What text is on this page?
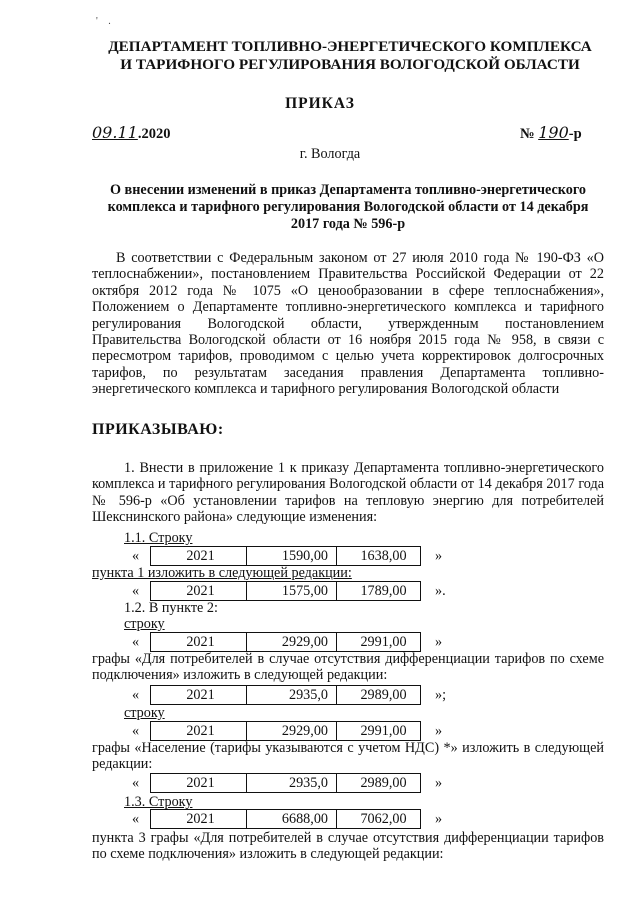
' .
ДЕПАРТАМЕНТ ТОПЛИВНО-ЭНЕРГЕТИЧЕСКОГО КОМПЛЕКСА
И ТАРИФНОГО РЕГУЛИРОВАНИЯ ВОЛОГОДСКОЙ ОБЛАСТИ
ПРИКАЗ
09.11.2020	№ 190-р
г. Вологда
О внесении изменений в приказ Департамента топливно-энергетического комплекса и тарифного регулирования Вологодской области от 14 декабря 2017 года № 596-р
В соответствии с Федеральным законом от 27 июля 2010 года № 190-ФЗ «О теплоснабжении», постановлением Правительства Российской Федерации от 22 октября 2012 года № 1075 «О ценообразовании в сфере теплоснабжения», Положением о Департаменте топливно-энергетического комплекса и тарифного регулирования Вологодской области, утвержденным постановлением Правительства Вологодской области от 16 ноября 2015 года № 958, в связи с пересмотром тарифов, проводимом с целью учета корректировок долгосрочных тарифов, по результатам заседания правления Департамента топливно-энергетического комплекса и тарифного регулирования Вологодской области
ПРИКАЗЫВАЮ:
1. Внести в приложение 1 к приказу Департамента топливно-энергетического комплекса и тарифного регулирования Вологодской области от 14 декабря 2017 года № 596-р «Об установлении тарифов на тепловую энергию для потребителей Шекснинского района» следующие изменения:
1.1. Строку
«	2021	1590,00	1638,00	»
пункта 1 изложить в следующей редакции:
«	2021	1575,00	1789,00	».
1.2. В пункте 2:
строку
«	2021	2929,00	2991,00	»
графы «Для потребителей в случае отсутствия дифференциации тарифов по схеме подключения» изложить в следующей редакции:
«	2021	2935,0	2989,00	»;
строку
«	2021	2929,00	2991,00	»
графы «Население (тарифы указываются с учетом НДС) *» изложить в следующей редакции:
«	2021	2935,0	2989,00	»
1.3. Строку
«	2021	6688,00	7062,00	»
пункта 3 графы «Для потребителей в случае отсутствия дифференциации тарифов по схеме подключения» изложить в следующей редакции:
